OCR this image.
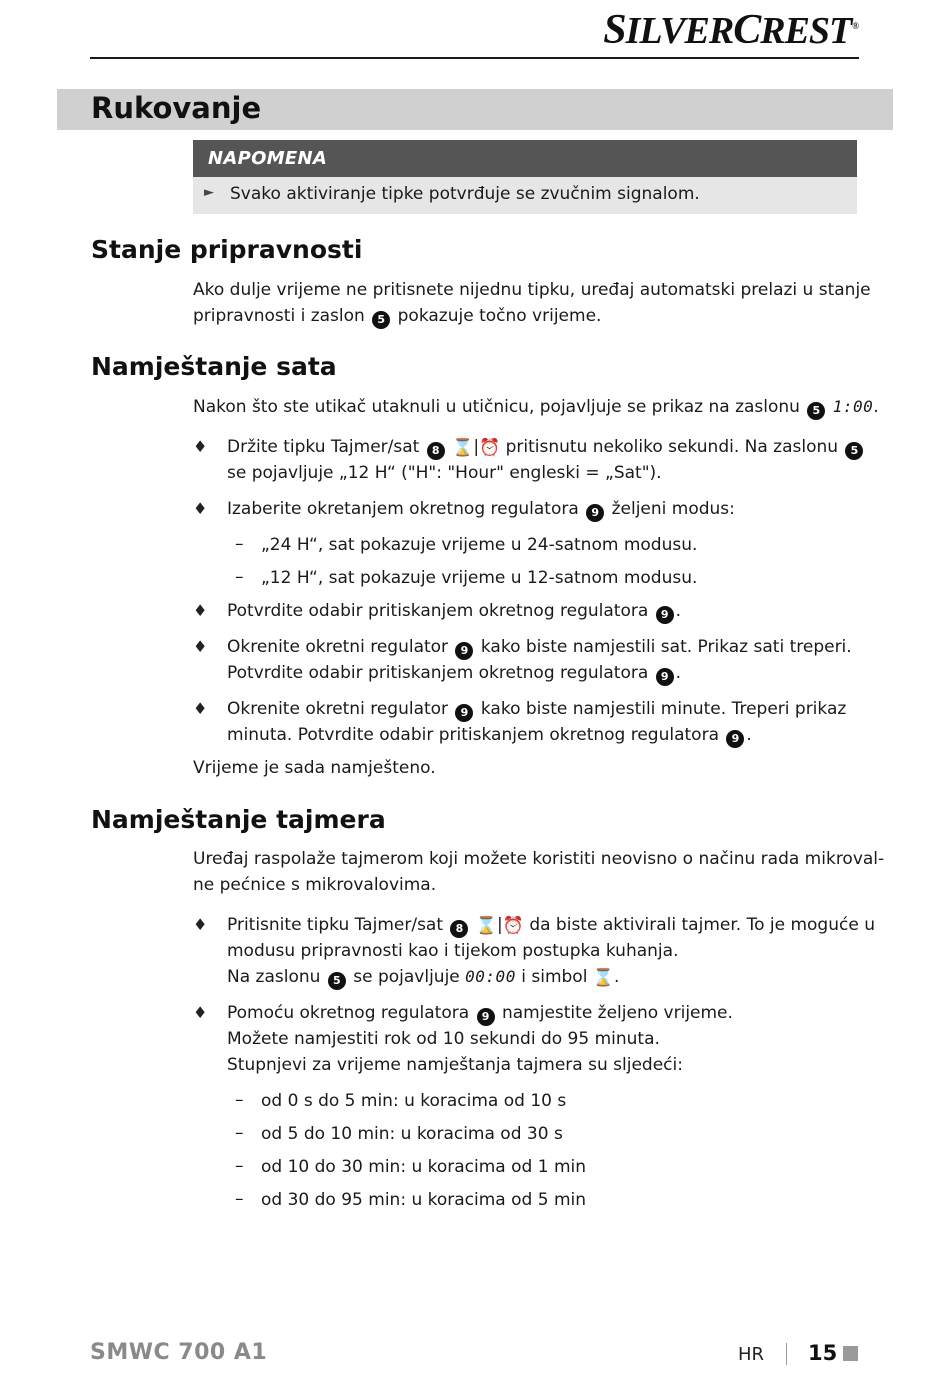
SILVERCREST®
Rukovanje
NAPOMENA
► Svako aktiviranje tipke potvrđuje se zvučnim signalom.
Stanje pripravnosti
Ako dulje vrijeme ne pritisnete nijednu tipku, uređaj automatski prelazi u stanje
pripravnosti i zaslon 5 pokazuje točno vrijeme.
Namještanje sata
Nakon što ste utikač utaknuli u utičnicu, pojavljuje se prikaz na zaslonu 5 1:00.
♦ Držite tipku Tajmer/sat 8 ⌛|⏰ pritisnutu nekoliko sekundi. Na zaslonu 5
se pojavljuje „12 H“ ("H": "Hour" engleski = „Sat").
♦ Izaberite okretanjem okretnog regulatora 9 željeni modus:
– „24 H“, sat pokazuje vrijeme u 24-satnom modusu.
– „12 H“, sat pokazuje vrijeme u 12-satnom modusu.
♦ Potvrdite odabir pritiskanjem okretnog regulatora 9 .
♦ Okrenite okretni regulator 9 kako biste namjestili sat. Prikaz sati treperi.
Potvrdite odabir pritiskanjem okretnog regulatora 9 .
♦ Okrenite okretni regulator 9 kako biste namjestili minute. Treperi prikaz
minuta. Potvrdite odabir pritiskanjem okretnog regulatora 9 .
Vrijeme je sada namješteno.
Namještanje tajmera
Uređaj raspolaže tajmerom koji možete koristiti neovisno o načinu rada mikroval-
ne pećnice s mikrovalovima.
♦ Pritisnite tipku Tajmer/sat 8 ⌛|⏰ da biste aktivirali tajmer. To je moguće u
modusu pripravnosti kao i tijekom postupka kuhanja.
Na zaslonu 5 se pojavljuje 00:00 i simbol ⌛.
♦ Pomoću okretnog regulatora 9 namjestite željeno vrijeme.
Možete namjestiti rok od 10 sekundi do 95 minuta.
Stupnjevi za vrijeme namještanja tajmera su sljedeći:
– od 0 s do 5 min: u koracima od 10 s
– od 5 do 10 min: u koracima od 30 s
– od 10 do 30 min: u koracima od 1 min
– od 30 do 95 min: u koracima od 5 min
SMWC 700 A1	HR 15
